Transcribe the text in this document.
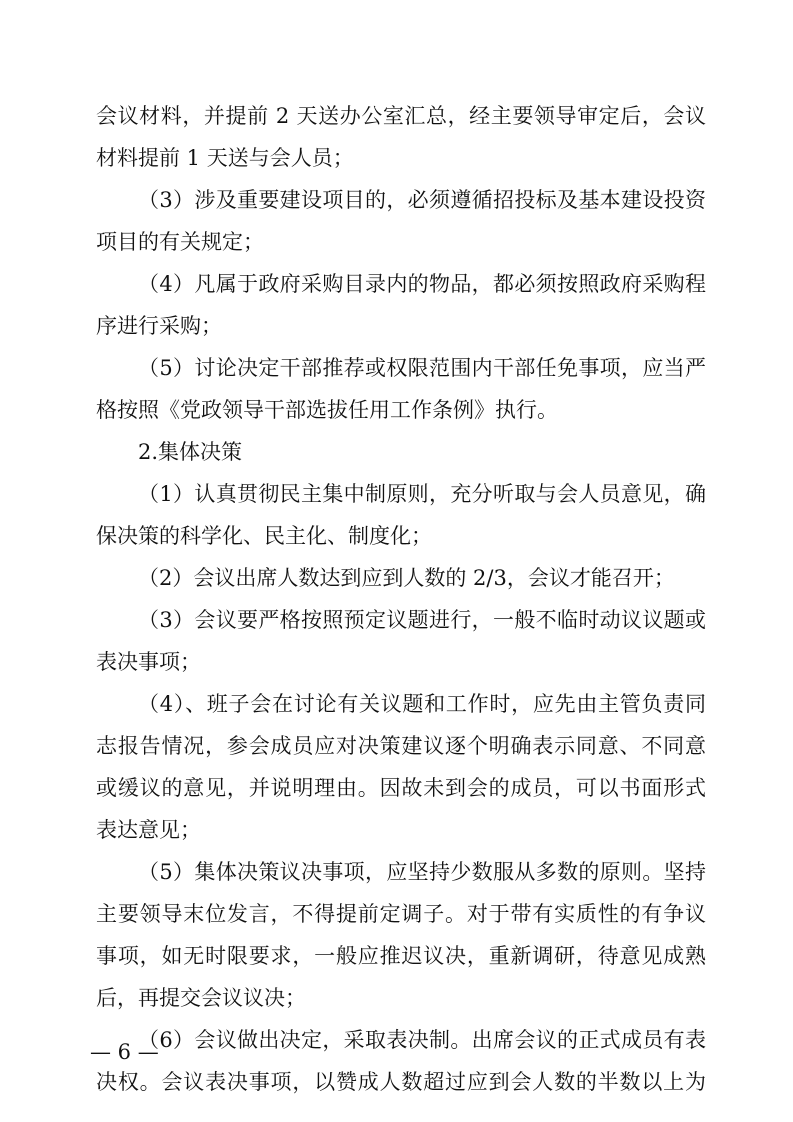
会议材料，并提前 2 天送办公室汇总，经主要领导审定后，会议
材料提前 1 天送与会人员；
（3）涉及重要建设项目的，必须遵循招投标及基本建设投资
项目的有关规定；
（4）凡属于政府采购目录内的物品，都必须按照政府采购程
序进行采购；
（5）讨论决定干部推荐或权限范围内干部任免事项，应当严
格按照《党政领导干部选拔任用工作条例》执行。
2.集体决策
（1）认真贯彻民主集中制原则，充分听取与会人员意见，确
保决策的科学化、民主化、制度化；
（2）会议出席人数达到应到人数的 2/3，会议才能召开；
（3）会议要严格按照预定议题进行，一般不临时动议议题或
表决事项；
（4）、班子会在讨论有关议题和工作时，应先由主管负责同
志报告情况，参会成员应对决策建议逐个明确表示同意、不同意
或缓议的意见，并说明理由。因故未到会的成员，可以书面形式
表达意见；
（5）集体决策议决事项，应坚持少数服从多数的原则。坚持
主要领导末位发言，不得提前定调子。对于带有实质性的有争议
事项，如无时限要求，一般应推迟议决，重新调研，待意见成熟
后，再提交会议议决；
（6）会议做出决定，采取表决制。出席会议的正式成员有表
决权。会议表决事项，以赞成人数超过应到会人数的半数以上为
— 6 —
